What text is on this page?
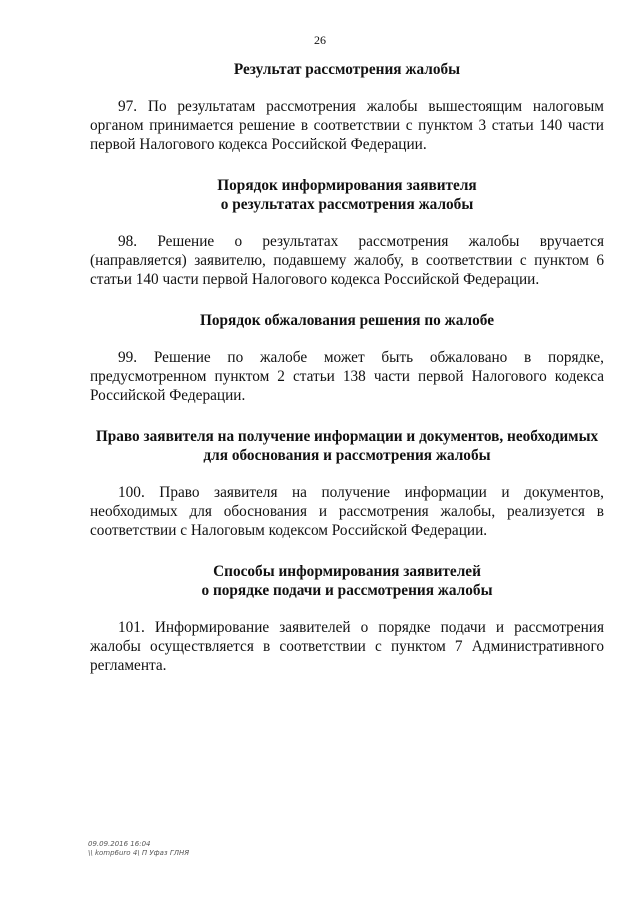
26
Результат рассмотрения жалобы

97. По результатам рассмотрения жалобы вышестоящим налоговым органом принимается решение в соответствии с пунктом 3 статьи 140 части первой Налогового кодекса Российской Федерации.

Порядок информирования заявителя
о результатах рассмотрения жалобы

98. Решение о результатах рассмотрения жалобы вручается (направляется) заявителю, подавшему жалобу, в соответствии с пунктом 6 статьи 140 части первой Налогового кодекса Российской Федерации.

Порядок обжалования решения по жалобе

99. Решение по жалобе может быть обжаловано в порядке, предусмотренном пунктом 2 статьи 138 части первой Налогового кодекса Российской Федерации.

Право заявителя на получение информации и документов, необходимых
для обоснования и рассмотрения жалобы

100. Право заявителя на получение информации и документов, необходимых для обоснования и рассмотрения жалобы, реализуется в соответствии с Налоговым кодексом Российской Федерации.

Способы информирования заявителей
о порядке подачи и рассмотрения жалобы

101. Информирование заявителей о порядке подачи и рассмотрения жалобы осуществляется в соответствии с пунктом 7 Административного регламента.

09.09.2016 16:04
\\ komp6uro 4\ П Уфаз ГЛНЯ
